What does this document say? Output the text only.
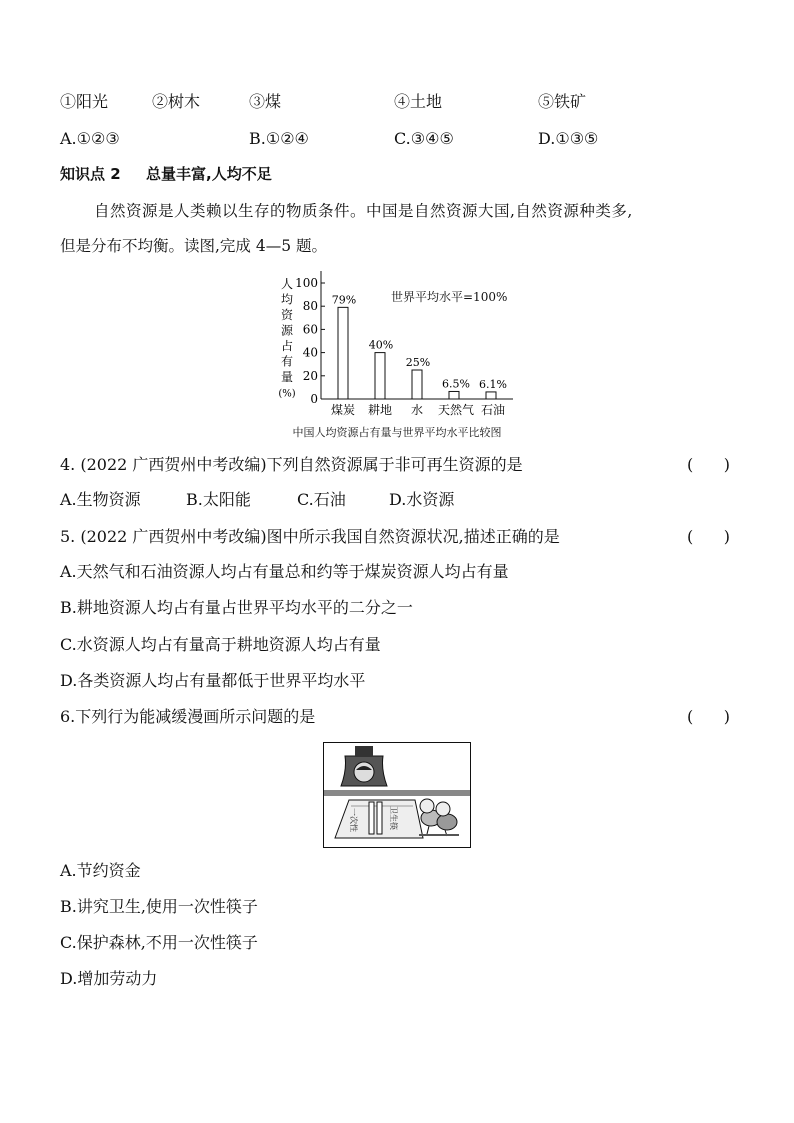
①阳光	②树木	③煤	④土地	⑤铁矿
A.①②③	B.①②④	C.③④⑤	D.①③⑤
知识点 2 总量丰富,人均不足
自然资源是人类赖以生存的物质条件。中国是自然资源大国,自然资源种类多,
但是分布不均衡。读图,完成 4—5 题。
人
均
资
源
占
有
量
(%) 0
20
40
60
80
100
79%
40%
25%
6.5% 6.1%
煤炭 耕地 水 天然气 石油
世界平均水平=100%
中国人均资源占有量与世界平均水平比较图
4. (2022 广西贺州中考改编)下列自然资源属于非可再生资源的是	(      )
A.生物资源	B.太阳能	C.石油	D.水资源
5. (2022 广西贺州中考改编)图中所示我国自然资源状况,描述正确的是	(      )
A.天然气和石油资源人均占有量总和约等于煤炭资源人均占有量
B.耕地资源人均占有量占世界平均水平的二分之一
C.水资源人均占有量高于耕地资源人均占有量
D.各类资源人均占有量都低于世界平均水平
6.下列行为能减缓漫画所示问题的是	(      )
一次性	卫生筷
A.节约资金
B.讲究卫生,使用一次性筷子
C.保护森林,不用一次性筷子
D.增加劳动力
